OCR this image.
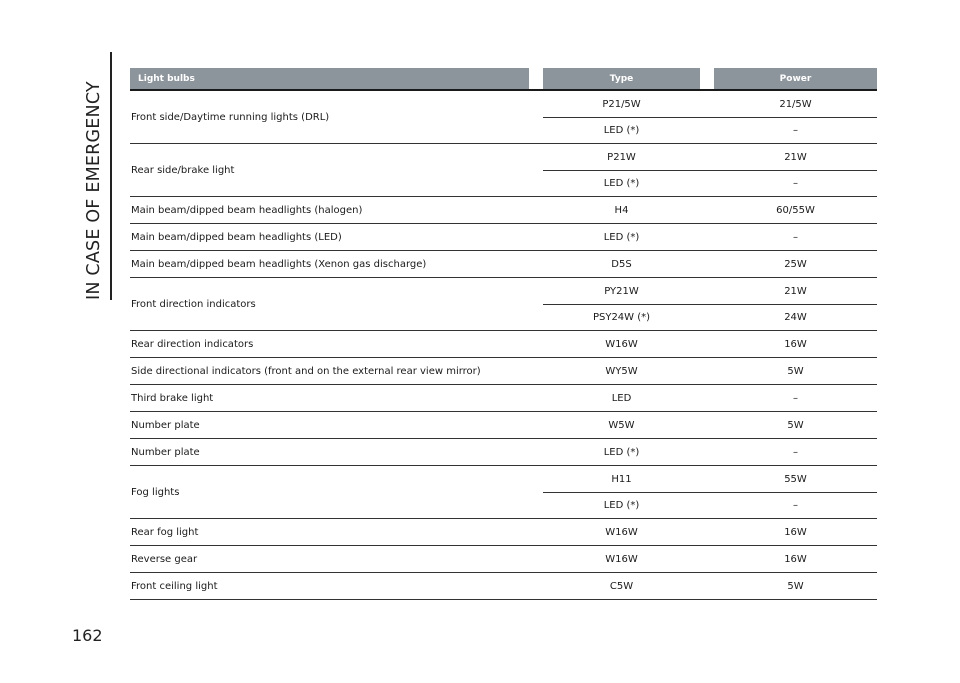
IN CASE OF EMERGENCY
Light bulbs	Type	Power
Front side/Daytime running lights (DRL)
P21/5W	21/5W
LED (*)	–
Rear side/brake light
P21W	21W
LED (*)	–
Main beam/dipped beam headlights (halogen)	H4	60/55W
Main beam/dipped beam headlights (LED)	LED (*)	–
Main beam/dipped beam headlights (Xenon gas discharge)	D5S	25W
Front direction indicators
PY21W	21W
PSY24W (*)	24W
Rear direction indicators	W16W	16W
Side directional indicators (front and on the external rear view mirror)	WY5W	5W
Third brake light	LED	–
Number plate	W5W	5W
Number plate	LED (*)	–
Fog lights
H11	55W
LED (*)	–
Rear fog light	W16W	16W
Reverse gear	W16W	16W
Front ceiling light	C5W	5W
162
